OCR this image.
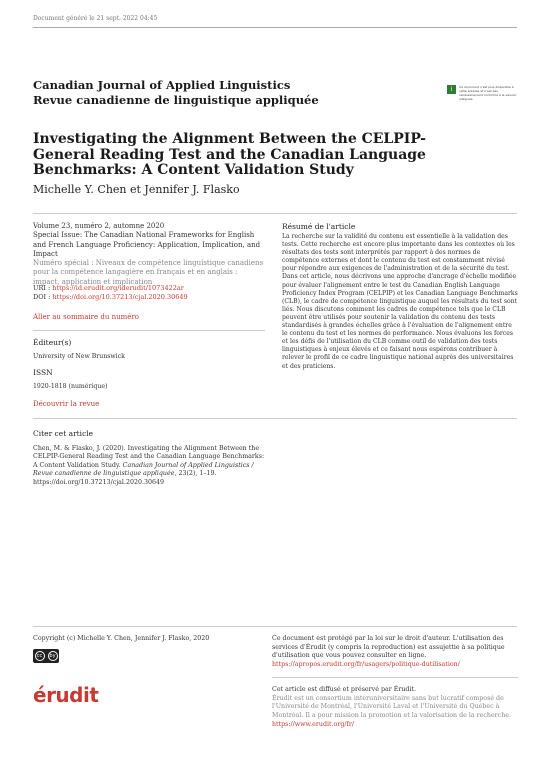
Document généré le 21 sept. 2022 04:45
Canadian Journal of Applied Linguistics
Revue canadienne de linguistique appliquée
i	Ce document n'est plus disponible à cette adresse et n'est pas nécessairement conforme à la version intégrale.
Investigating the Alignment Between the CELPIP-General Reading Test and the Canadian Language Benchmarks: A Content Validation Study
Michelle Y. Chen et Jennifer J. Flasko
Volume 23, numéro 2, automne 2020
Special Issue: The Canadian National Frameworks for English and French Language Proficiency: Application, Implication, and Impact
Numéro spécial : Niveaux de compétence linguistique canadiens pour la compétence langagière en français et en anglais : impact, application et implication
URI : https://id.erudit.org/iderudit/1073422ar
DOI : https://doi.org/10.37213/cjal.2020.30649
Aller au sommaire du numéro
Éditeur(s)
University of New Brunswick
ISSN
1920-1818 (numérique)
Découvrir la revue
Citer cet article
Chen, M. & Flasko, J. (2020). Investigating the Alignment Between the CELPIP-General Reading Test and the Canadian Language Benchmarks: A Content Validation Study. Canadian Journal of Applied Linguistics / Revue canadienne de linguistique appliquée, 23(2), 1–19. https://doi.org/10.37213/cjal.2020.30649
Résumé de l'article
La recherche sur la validité du contenu est essentielle à la validation des tests. Cette recherche est encore plus importante dans les contextes où les résultats des tests sont interprétés par rapport à des normes de compétence externes et dont le contenu du test est constamment révisé pour répondre aux exigences de l'administration et de la sécurité du test. Dans cet article, nous décrivons une approche d'ancrage d'échelle modifiée pour évaluer l'alignement entre le test du Canadian English Language Proficiency Index Program (CELPIP) et les Canadian Language Benchmarks (CLB), le cadre de compétence linguistique auquel les résultats du test sont liés. Nous discutons comment les cadres de compétence tels que le CLB peuvent être utilisés pour soutenir la validation du contenu des tests standardisés à grandes échelles grâce à l'évaluation de l'alignement entre le contenu du test et les normes de performance. Nous évaluons les forces et les défis de l'utilisation du CLB comme outil de validation des tests linguistiques à enjeux élevés et ce faisant nous espérons contribuer à relever le profil de ce cadre linguistique national auprès des universitaires et des praticiens.
Copyright (c) Michelle Y. Chen, Jennifer J. Flasko, 2020
cc	by
Ce document est protégé par la loi sur le droit d'auteur. L'utilisation des services d'Érudit (y compris la reproduction) est assujettie à sa politique d'utilisation que vous pouvez consulter en ligne.
https://apropos.erudit.org/fr/usagers/politique-dutilisation/
érudit	Cet article est diffusé et préservé par Érudit.
Érudit est un consortium interuniversitaire sans but lucratif composé de l'Université de Montréal, l'Université Laval et l'Université du Québec à Montréal. Il a pour mission la promotion et la valorisation de la recherche.
https://www.erudit.org/fr/
